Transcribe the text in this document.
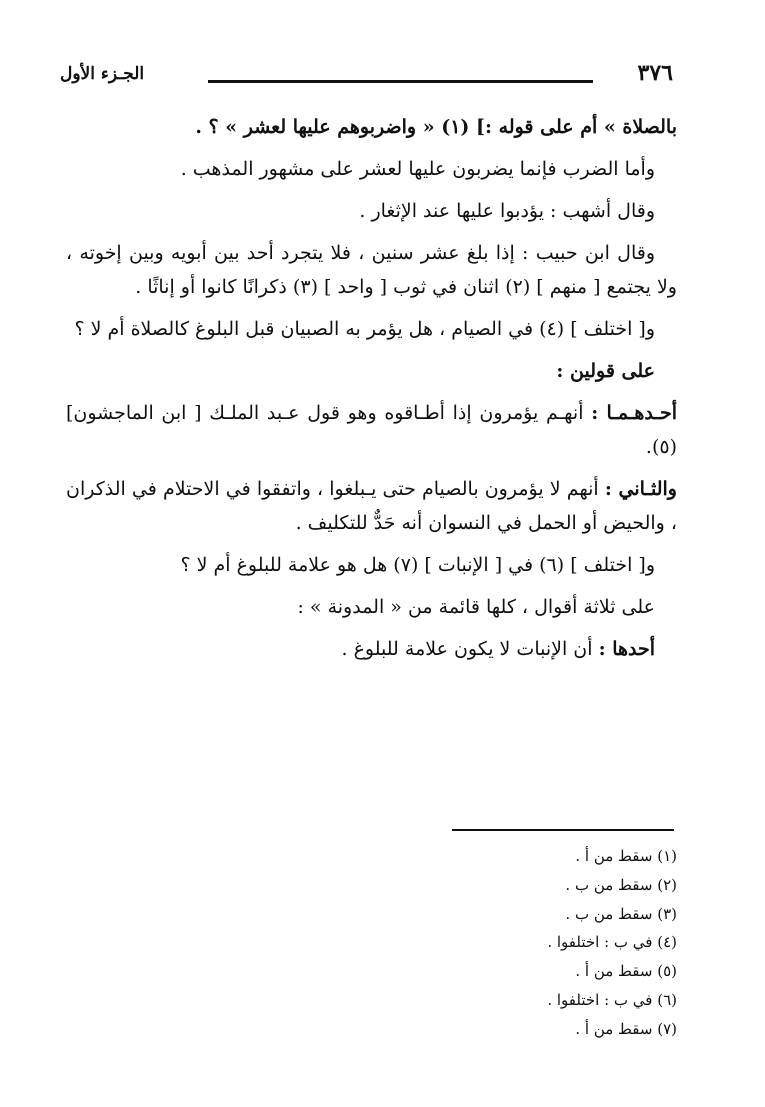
٣٧٦
الجـزء الأول

بالصلاة » أم على قوله :] (١) « واضربوهم عليها لعشر » ؟ .

وأما الضرب فإنما يضربون عليها لعشر على مشهور المذهب .

وقال أشهب : يؤدبوا عليها عند الإثغار .

وقال ابن حبيب : إذا بلغ عشر سنين ، فلا يتجرد أحد بين أبويه وبين إخوته ، ولا يجتمع [ منهم ] (٢) اثنان في ثوب [ واحد ] (٣) ذكرانًا كانوا أو إناثًا .

و[ اختلف ] (٤) في الصيام ، هل يؤمر به الصبيان قبل البلوغ كالصلاة أم لا ؟

على قولين :

أحـدهـمـا : أنهـم يؤمرون إذا أطـاقوه وهو قول عـبد الملـك [ ابن الماجشون](٥).

والثـاني : أنهم لا يؤمرون بالصيام حتى يـبلغوا ، واتفقوا في الاحتلام في الذكران ، والحيض أو الحمل في النسوان أنه حَدٌّ للتكليف .

و[ اختلف ] (٦) في [ الإنبات ] (٧) هل هو علامة للبلوغ أم لا ؟

على ثلاثة أقوال ، كلها قائمة من « المدونة » :

أحدها : أن الإنبات لا يكون علامة للبلوغ .

(١) سقط من أ .
(٢) سقط من ب .
(٣) سقط من ب .
(٤) في ب : اختلفوا .
(٥) سقط من أ .
(٦) في ب : اختلفوا .
(٧) سقط من أ .
